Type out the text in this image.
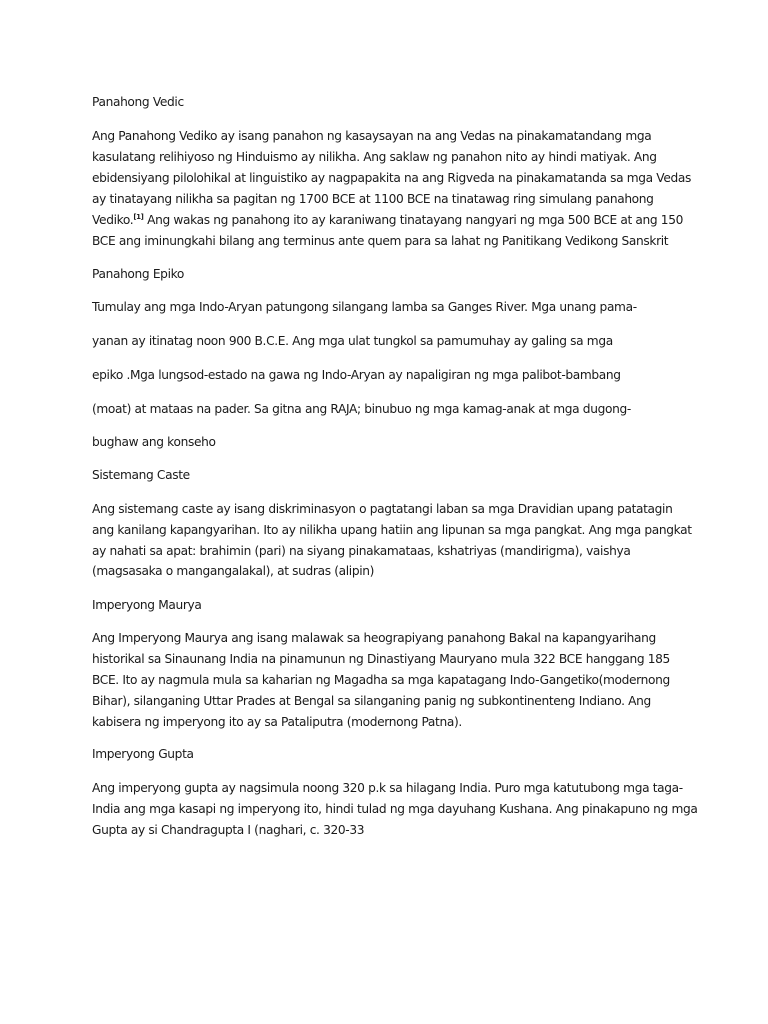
Panahong Vedic
Ang Panahong Vediko ay isang panahon ng kasaysayan na ang Vedas na pinakamatandang mga
kasulatang relihiyoso ng Hinduismo ay nilikha. Ang saklaw ng panahon nito ay hindi matiyak. Ang
ebidensiyang pilolohikal at linguistiko ay nagpapakita na ang Rigveda na pinakamatanda sa mga Vedas
ay tinatayang nilikha sa pagitan ng 1700 BCE at 1100 BCE na tinatawag ring simulang panahong
Vediko.[1] Ang wakas ng panahong ito ay karaniwang tinatayang nangyari ng mga 500 BCE at ang 150
BCE ang iminungkahi bilang ang terminus ante quem para sa lahat ng Panitikang Vedikong Sanskrit
Panahong Epiko
Tumulay ang mga Indo-Aryan patungong silangang lamba sa Ganges River. Mga unang pama-
yanan ay itinatag noon 900 B.C.E. Ang mga ulat tungkol sa pamumuhay ay galing sa mga
epiko .Mga lungsod-estado na gawa ng Indo-Aryan ay napaligiran ng mga palibot-bambang
(moat) at mataas na pader. Sa gitna ang RAJA; binubuo ng mga kamag-anak at mga dugong-
bughaw ang konseho
Sistemang Caste
Ang sistemang caste ay isang diskriminasyon o pagtatangi laban sa mga Dravidian upang patatagin
ang kanilang kapangyarihan. Ito ay nilikha upang hatiin ang lipunan sa mga pangkat. Ang mga pangkat
ay nahati sa apat: brahimin (pari) na siyang pinakamataas, kshatriyas (mandirigma), vaishya
(magsasaka o mangangalakal), at sudras (alipin)
Imperyong Maurya
Ang Imperyong Maurya ang isang malawak sa heograpiyang panahong Bakal na kapangyarihang
historikal sa Sinaunang India na pinamunun ng Dinastiyang Mauryano mula 322 BCE hanggang 185
BCE. Ito ay nagmula mula sa kaharian ng Magadha sa mga kapatagang Indo-Gangetiko(modernong
Bihar), silanganing Uttar Prades at Bengal sa silanganing panig ng subkontinenteng Indiano. Ang
kabisera ng imperyong ito ay sa Pataliputra (modernong Patna).
Imperyong Gupta
Ang imperyong gupta ay nagsimula noong 320 p.k sa hilagang India. Puro mga katutubong mga taga-
India ang mga kasapi ng imperyong ito, hindi tulad ng mga dayuhang Kushana. Ang pinakapuno ng mga
Gupta ay si Chandragupta I (naghari, c. 320-33
